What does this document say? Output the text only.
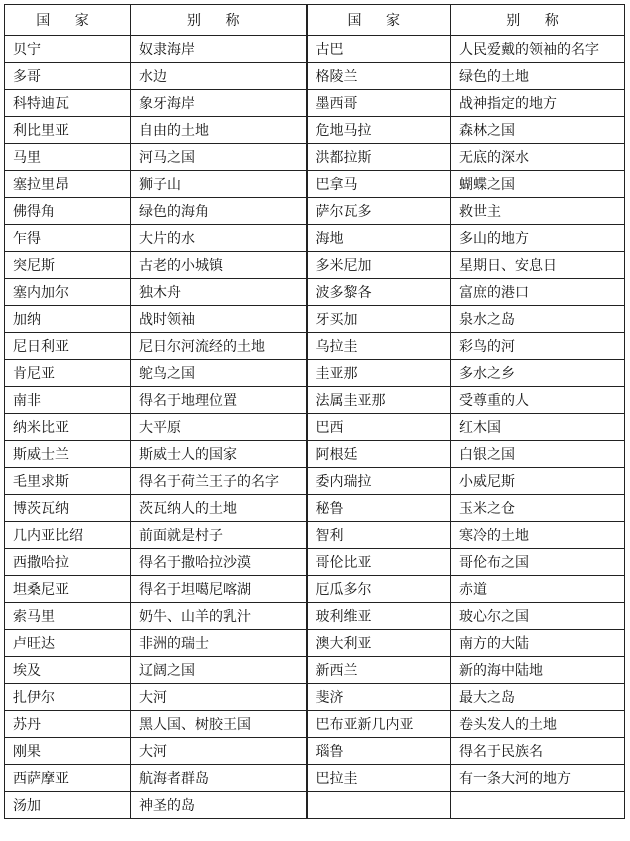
国 家	别 称	国 家	别 称
贝宁	奴隶海岸	古巴	人民爱戴的领袖的名字
多哥	水边	格陵兰	绿色的土地
科特迪瓦	象牙海岸	墨西哥	战神指定的地方
利比里亚	自由的土地	危地马拉	森林之国
马里	河马之国	洪都拉斯	无底的深水
塞拉里昂	狮子山	巴拿马	蝴蝶之国
佛得角	绿色的海角	萨尔瓦多	救世主
乍得	大片的水	海地	多山的地方
突尼斯	古老的小城镇	多米尼加	星期日、安息日
塞内加尔	独木舟	波多黎各	富庶的港口
加纳	战时领袖	牙买加	泉水之岛
尼日利亚	尼日尔河流经的土地	乌拉圭	彩鸟的河
肯尼亚	鸵鸟之国	圭亚那	多水之乡
南非	得名于地理位置	法属圭亚那	受尊重的人
纳米比亚	大平原	巴西	红木国
斯威士兰	斯威士人的国家	阿根廷	白银之国
毛里求斯	得名于荷兰王子的名字	委内瑞拉	小威尼斯
博茨瓦纳	茨瓦纳人的土地	秘鲁	玉米之仓
几内亚比绍	前面就是村子	智利	寒冷的土地
西撒哈拉	得名于撒哈拉沙漠	哥伦比亚	哥伦布之国
坦桑尼亚	得名于坦噶尼喀湖	厄瓜多尔	赤道
索马里	奶牛、山羊的乳汁	玻利维亚	玻心尔之国
卢旺达	非洲的瑞士	澳大利亚	南方的大陆
埃及	辽阔之国	新西兰	新的海中陆地
扎伊尔	大河	斐济	最大之岛
苏丹	黑人国、树胶王国	巴布亚新几内亚	卷头发人的土地
刚果	大河	瑙鲁	得名于民族名
西萨摩亚	航海者群岛	巴拉圭	有一条大河的地方
汤加	神圣的岛		
